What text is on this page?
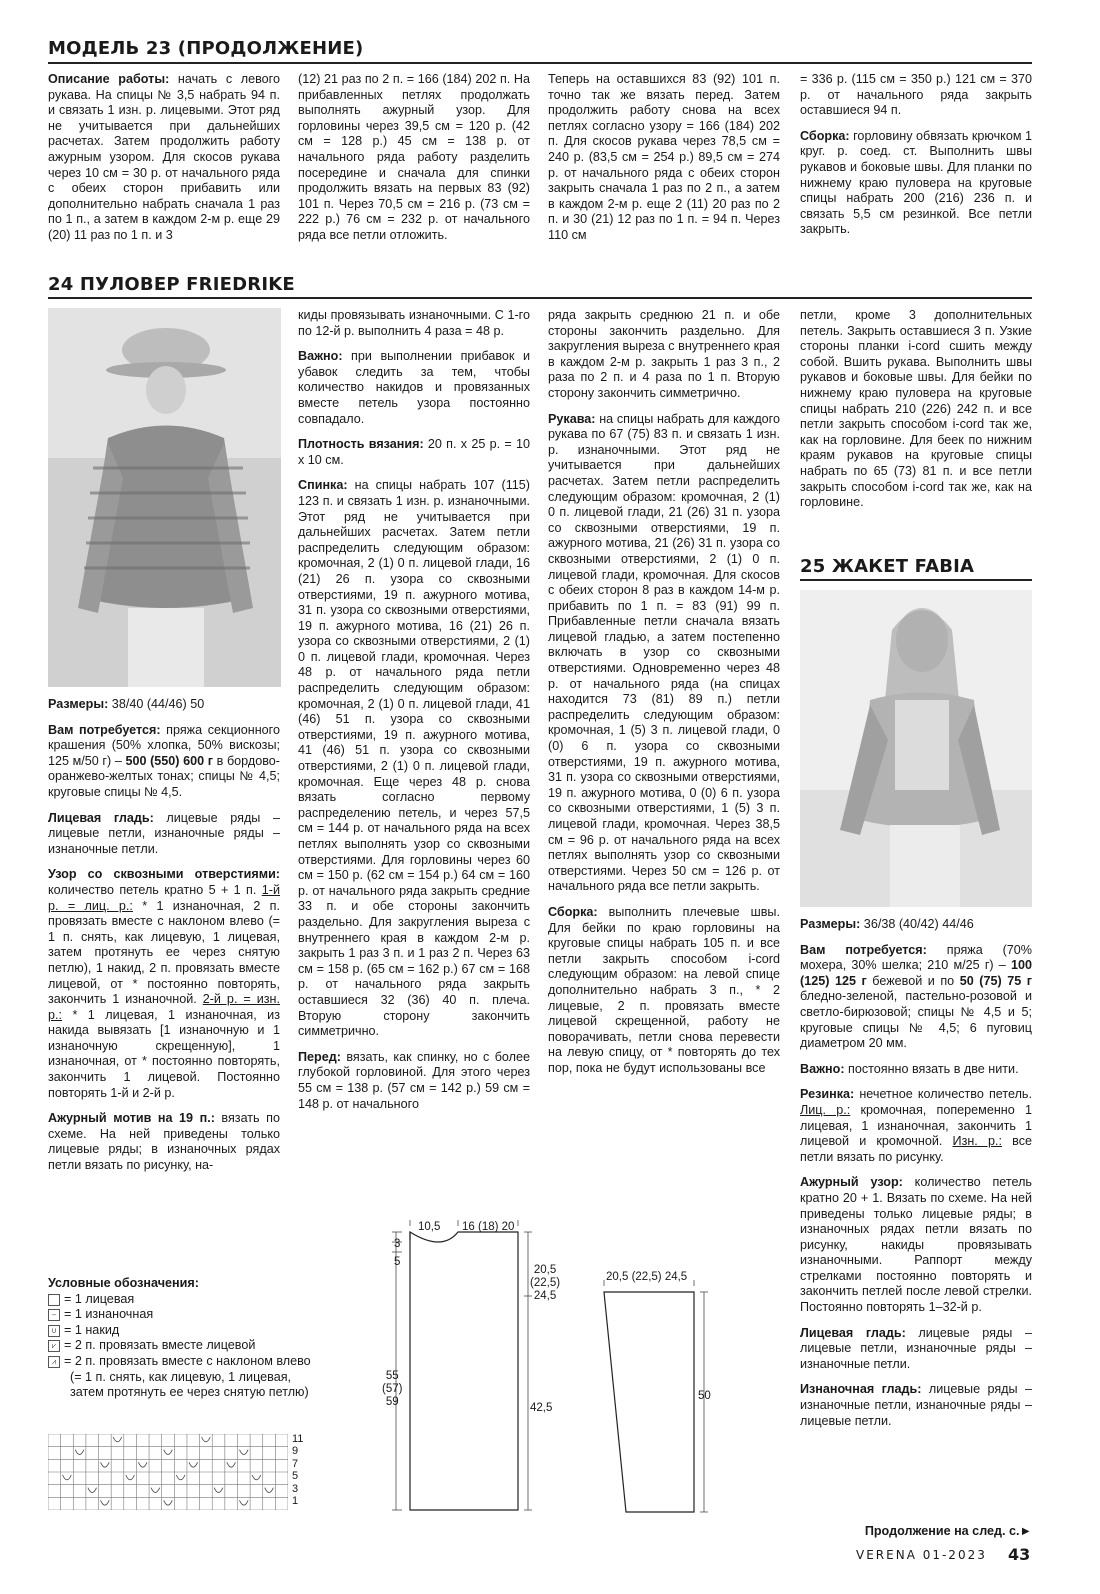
МОДЕЛЬ 23 (ПРОДОЛЖЕНИЕ)

Описание работы: начать с левого рукава. На спицы № 3,5 набрать 94 п. и связать 1 изн. р. лицевыми. Этот ряд не учитывается при дальнейших расчетах. Затем продолжить работу ажурным узором. Для скосов рукава через 10 см = 30 р. от начального ряда с обеих сторон прибавить или дополнительно набрать сначала 1 раз по 1 п., а затем в каждом 2-м р. еще 29 (20) 11 раз по 1 п. и 3

(12) 21 раз по 2 п. = 166 (184) 202 п. На прибавленных петлях продолжать выполнять ажурный узор. Для горловины через 39,5 см = 120 р. (42 см = 128 р.) 45 см = 138 р. от начального ряда работу разделить посередине и сначала для спинки продолжить вязать на первых 83 (92) 101 п. Через 70,5 см = 216 р. (73 см = 222 р.) 76 см = 232 р. от начального ряда все петли отложить.

Теперь на оставшихся 83 (92) 101 п. точно так же вязать перед. Затем продолжить работу снова на всех петлях согласно узору = 166 (184) 202 п. Для скосов рукава через 78,5 см = 240 р. (83,5 см = 254 р.) 89,5 см = 274 р. от начального ряда с обеих сторон закрыть сначала 1 раз по 2 п., а затем в каждом 2-м р. еще 2 (11) 20 раз по 2 п. и 30 (21) 12 раз по 1 п. = 94 п. Через 110 см

= 336 р. (115 см = 350 р.) 121 см = 370 р. от начального ряда закрыть оставшиеся 94 п.

Сборка: горловину обвязать крючком 1 круг. р. соед. ст. Выполнить швы рукавов и боковые швы. Для планки по нижнему краю пуловера на круговые спицы набрать 200 (216) 236 п. и связать 5,5 см резинкой. Все петли закрыть.

24 ПУЛОВЕР FRIEDRIKE

Размеры: 38/40 (44/46) 50

Вам потребуется: пряжа секционного крашения (50% хлопка, 50% вискозы; 125 м/50 г) – 500 (550) 600 г в бордово-оранжево-желтых тонах; спицы № 4,5; круговые спицы № 4,5.

Лицевая гладь: лицевые ряды – лицевые петли, изнаночные ряды – изнаночные петли.

Узор со сквозными отверстиями: количество петель кратно 5 + 1 п. 1-й р. = лиц. р.: * 1 изнаночная, 2 п. провязать вместе с наклоном влево (= 1 п. снять, как лицевую, 1 лицевая, затем протянуть ее через снятую петлю), 1 накид, 2 п. провязать вместе лицевой, от * постоянно повторять, закончить 1 изнаночной. 2-й р. = изн. р.: * 1 лицевая, 1 изнаночная, из накида вывязать [1 изнаночную и 1 изнаночную скрещенную], 1 изнаночная, от * постоянно повторять, закончить 1 лицевой. Постоянно повторять 1-й и 2-й р.

Ажурный мотив на 19 п.: вязать по схеме. На ней приведены только лицевые ряды; в изнаночных рядах петли вязать по рисунку, на-

киды провязывать изнаночными. С 1-го по 12-й р. выполнить 4 раза = 48 р.

Важно: при выполнении прибавок и убавок следить за тем, чтобы количество накидов и провязанных вместе петель узора постоянно совпадало.

Плотность вязания: 20 п. х 25 р. = 10 х 10 см.

Спинка: на спицы набрать 107 (115) 123 п. и связать 1 изн. р. изнаночными. Этот ряд не учитывается при дальнейших расчетах. Затем петли распределить следующим образом: кромочная, 2 (1) 0 п. лицевой глади, 16 (21) 26 п. узора со сквозными отверстиями, 19 п. ажурного мотива, 31 п. узора со сквозными отверстиями, 19 п. ажурного мотива, 16 (21) 26 п. узора со сквозными отверстиями, 2 (1) 0 п. лицевой глади, кромочная. Через 48 р. от начального ряда петли распределить следующим образом: кромочная, 2 (1) 0 п. лицевой глади, 41 (46) 51 п. узора со сквозными отверстиями, 19 п. ажурного мотива, 41 (46) 51 п. узора со сквозными отверстиями, 2 (1) 0 п. лицевой глади, кромочная. Еще через 48 р. снова вязать согласно первому распределению петель, и через 57,5 см = 144 р. от начального ряда на всех петлях выполнять узор со сквозными отверстиями. Для горловины через 60 см = 150 р. (62 см = 154 р.) 64 см = 160 р. от начального ряда закрыть средние 33 п. и обе стороны закончить раздельно. Для закругления выреза с внутреннего края в каждом 2-м р. закрыть 1 раз 3 п. и 1 раз 2 п. Через 63 см = 158 р. (65 см = 162 р.) 67 см = 168 р. от начального ряда закрыть оставшиеся 32 (36) 40 п. плеча. Вторую сторону закончить симметрично.

Перед: вязать, как спинку, но с более глубокой горловиной. Для этого через 55 см = 138 р. (57 см = 142 р.) 59 см = 148 р. от начального

ряда закрыть среднюю 21 п. и обе стороны закончить раздельно. Для закругления выреза с внутреннего края в каждом 2-м р. закрыть 1 раз 3 п., 2 раза по 2 п. и 4 раза по 1 п. Вторую сторону закончить симметрично.

Рукава: на спицы набрать для каждого рукава по 67 (75) 83 п. и связать 1 изн. р. изнаночными. Этот ряд не учитывается при дальнейших расчетах. Затем петли распределить следующим образом: кромочная, 2 (1) 0 п. лицевой глади, 21 (26) 31 п. узора со сквозными отверстиями, 19 п. ажурного мотива, 21 (26) 31 п. узора со сквозными отверстиями, 2 (1) 0 п. лицевой глади, кромочная. Для скосов с обеих сторон 8 раз в каждом 14-м р. прибавить по 1 п. = 83 (91) 99 п. Прибавленные петли сначала вязать лицевой гладью, а затем постепенно включать в узор со сквозными отверстиями. Одновременно через 48 р. от начального ряда (на спицах находится 73 (81) 89 п.) петли распределить следующим образом: кромочная, 1 (5) 3 п. лицевой глади, 0 (0) 6 п. узора со сквозными отверстиями, 19 п. ажурного мотива, 31 п. узора со сквозными отверстиями, 19 п. ажурного мотива, 0 (0) 6 п. узора со сквозными отверстиями, 1 (5) 3 п. лицевой глади, кромочная. Через 38,5 см = 96 р. от начального ряда на всех петлях выполнять узор со сквозными отверстиями. Через 50 см = 126 р. от начального ряда все петли закрыть.

Сборка: выполнить плечевые швы. Для бейки по краю горловины на круговые спицы набрать 105 п. и все петли закрыть способом i-cord следующим образом: на левой спице дополнительно набрать 3 п., * 2 лицевые, 2 п. провязать вместе лицевой скрещенной, работу не поворачивать, петли снова перевести на левую спицу, от * повторять до тех пор, пока не будут использованы все

петли, кроме 3 дополнительных петель. Закрыть оставшиеся 3 п. Узкие стороны планки i-cord сшить между собой. Вшить рукава. Выполнить швы рукавов и боковые швы. Для бейки по нижнему краю пуловера на круговые спицы набрать 210 (226) 242 п. и все петли закрыть способом i-cord так же, как на горловине. Для беек по нижним краям рукавов на круговые спицы набрать по 65 (73) 81 п. и все петли закрыть способом i-cord так же, как на горловине.

25 ЖАКЕТ FABIA

Размеры: 36/38 (40/42) 44/46

Вам потребуется: пряжа (70% мохера, 30% шелка; 210 м/25 г) – 100 (125) 125 г бежевой и по 50 (75) 75 г бледно-зеленой, пастельно-розовой и светло-бирюзовой; спицы № 4,5 и 5; круговые спицы № 4,5; 6 пуговиц диаметром 20 мм.

Важно: постоянно вязать в две нити.

Резинка: нечетное количество петель. Лиц. р.: кромочная, попеременно 1 лицевая, 1 изнаночная, закончить 1 лицевой и кромочной. Изн. р.: все петли вязать по рисунку.

Ажурный узор: количество петель кратно 20 + 1. Вязать по схеме. На ней приведены только лицевые ряды; в изнаночных рядах петли вязать по рисунку, накиды провязывать изнаночными. Раппорт между стрелками постоянно повторять и закончить петлей после левой стрелки. Постоянно повторять 1–32-й р.

Лицевая гладь: лицевые ряды – лицевые петли, изнаночные ряды – изнаночные петли.

Изнаночная гладь: лицевые ряды – изнаночные петли, изнаночные ряды – лицевые петли.

Продолжение на след. с.►
Условные обозначения:
= 1 лицевая
– = 1 изнаночная
∪ = 1 накид
⩗ = 2 п. провязать вместе лицевой
⩘ = 2 п. провязать вместе с наклоном влево
(= 1 п. снять, как лицевую, 1 лицевая,
затем протянуть ее через снятую петлю)
11
9
7
5
3
1
10,5 16 (18) 20
3
5
20,5
(22,5)
24,5
55
(57)
59	42,5
20,5 (22,5) 24,5
50
VERENA 01-2023 43
